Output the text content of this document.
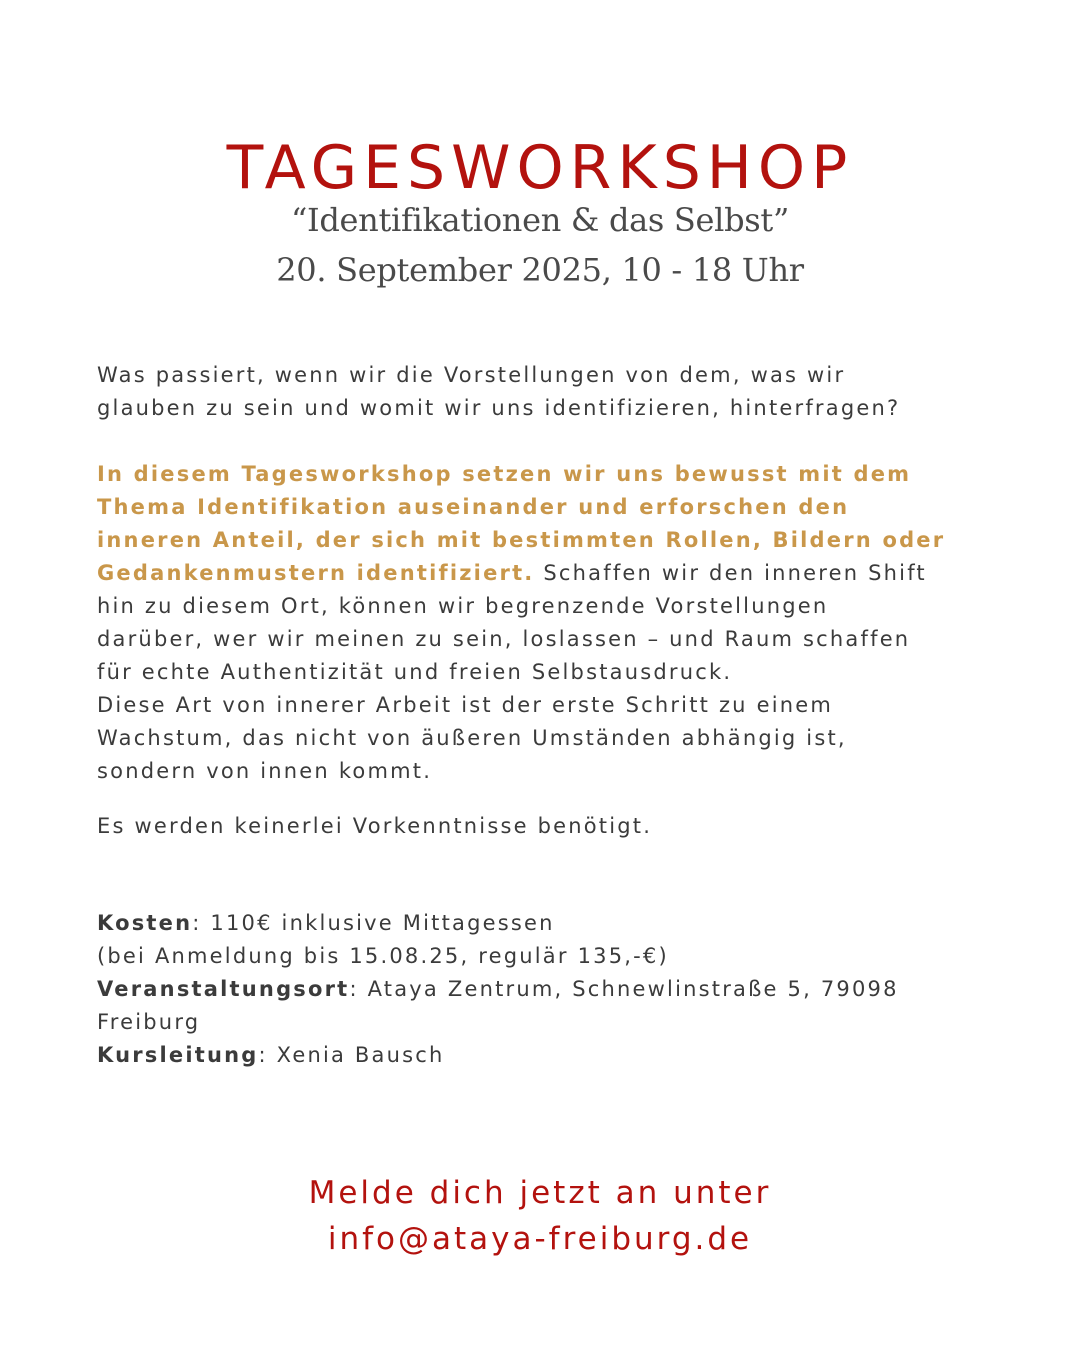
TAGESWORKSHOP
“Identifikationen & das Selbst”
20. September 2025, 10 - 18 Uhr
Was passiert, wenn wir die Vorstellungen von dem, was wir
glauben zu sein und womit wir uns identifizieren, hinterfragen?
In diesem Tagesworkshop setzen wir uns bewusst mit dem
Thema Identifikation auseinander und erforschen den
inneren Anteil, der sich mit bestimmten Rollen, Bildern oder
Gedankenmustern identifiziert. Schaffen wir den inneren Shift
hin zu diesem Ort, können wir begrenzende Vorstellungen
darüber, wer wir meinen zu sein, loslassen – und Raum schaffen
für echte Authentizität und freien Selbstausdruck.
Diese Art von innerer Arbeit ist der erste Schritt zu einem
Wachstum, das nicht von äußeren Umständen abhängig ist,
sondern von innen kommt.
Es werden keinerlei Vorkenntnisse benötigt.
Kosten: 110€ inklusive Mittagessen
(bei Anmeldung bis 15.08.25, regulär 135,-€)
Veranstaltungsort: Ataya Zentrum, Schnewlinstraße 5, 79098
Freiburg
Kursleitung: Xenia Bausch
Melde dich jetzt an unter
info@ataya-freiburg.de
